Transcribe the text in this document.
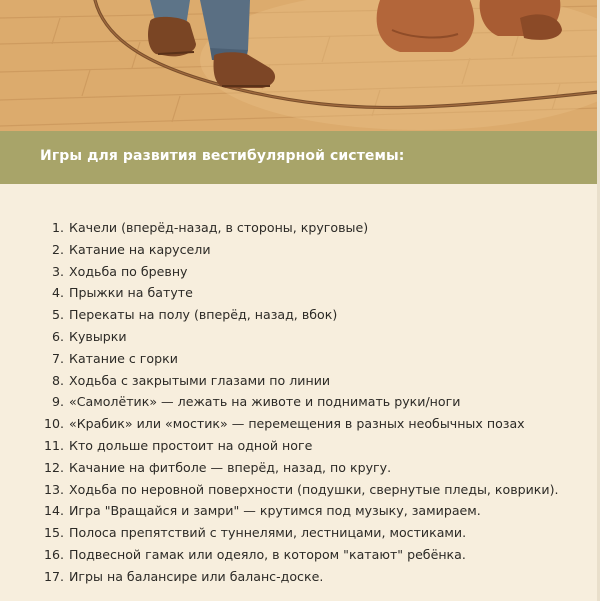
Игры для развития вестибулярной системы:
1. Качели (вперёд-назад, в стороны, круговые)
2. Катание на карусели
3. Ходьба по бревну
4. Прыжки на батуте
5. Перекаты на полу (вперёд, назад, вбок)
6. Кувырки
7. Катание с горки
8. Ходьба с закрытыми глазами по линии
9. «Самолётик» — лежать на животе и поднимать руки/ноги
10. «Крабик» или «мостик» — перемещения в разных необычных позах
11. Кто дольше простоит на одной ноге
12. Качание на фитболе — вперёд, назад, по кругу.
13. Ходьба по неровной поверхности (подушки, свернутые пледы, коврики).
14. Игра "Вращайся и замри" — крутимся под музыку, замираем.
15. Полоса препятствий с туннелями, лестницами, мостиками.
16. Подвесной гамак или одеяло, в котором "катают" ребёнка.
17. Игры на балансире или баланс-доске.
